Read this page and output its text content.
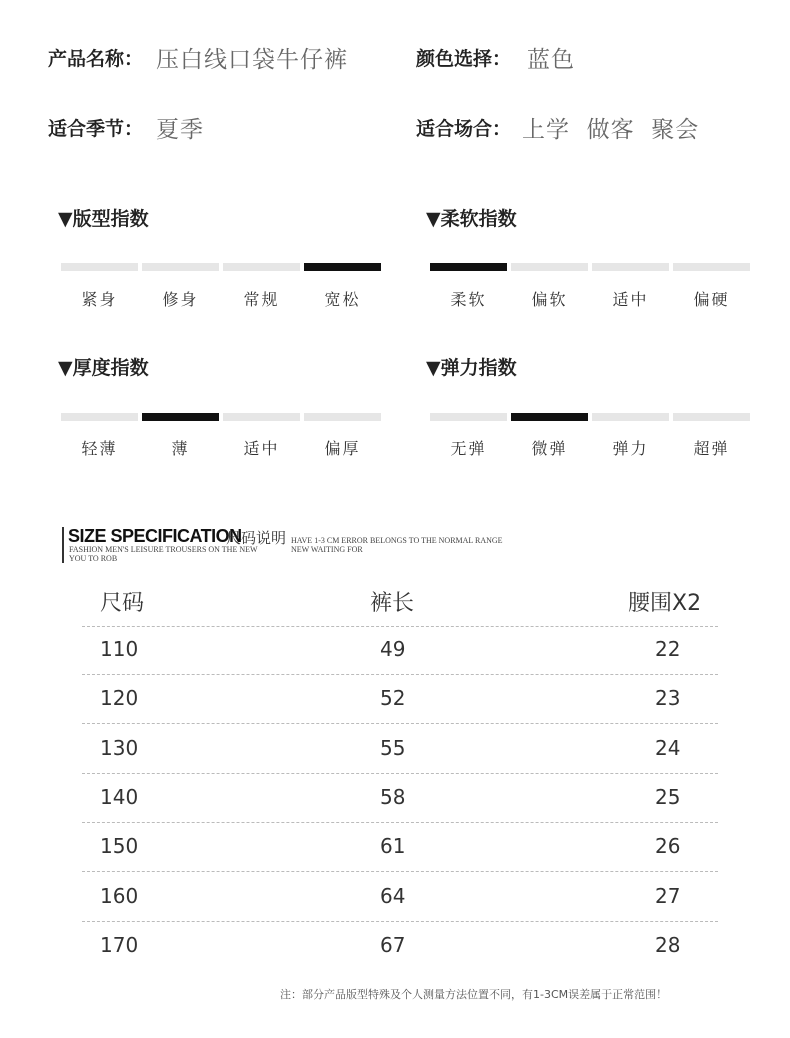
产品名称： 压白线口袋牛仔裤	颜色选择： 蓝色
适合季节： 夏季	适合场合： 上学  做客  聚会
▼版型指数	▼柔软指数
▼厚度指数	▼弹力指数
紧身	修身	常规	宽松	柔软	偏软	适中	偏硬
轻薄	薄	适中	偏厚	无弹	微弹	弹力	超弹
SIZE SPECIFICATION
尺码说明 HAVE 1-3 CM ERROR BELONGS TO THE NORMAL RANGE
NEW WAITING FOR
FASHION MEN'S LEISURE TROUSERS ON THE NEW
YOU TO ROB
尺码	裤长	腰围X2
110	49	22
120	52	23
130	55	24
140	58	25
150	61	26
160	64	27
170	67	28
注：部分产品版型特殊及个人测量方法位置不同，有1-3CM误差属于正常范围！
